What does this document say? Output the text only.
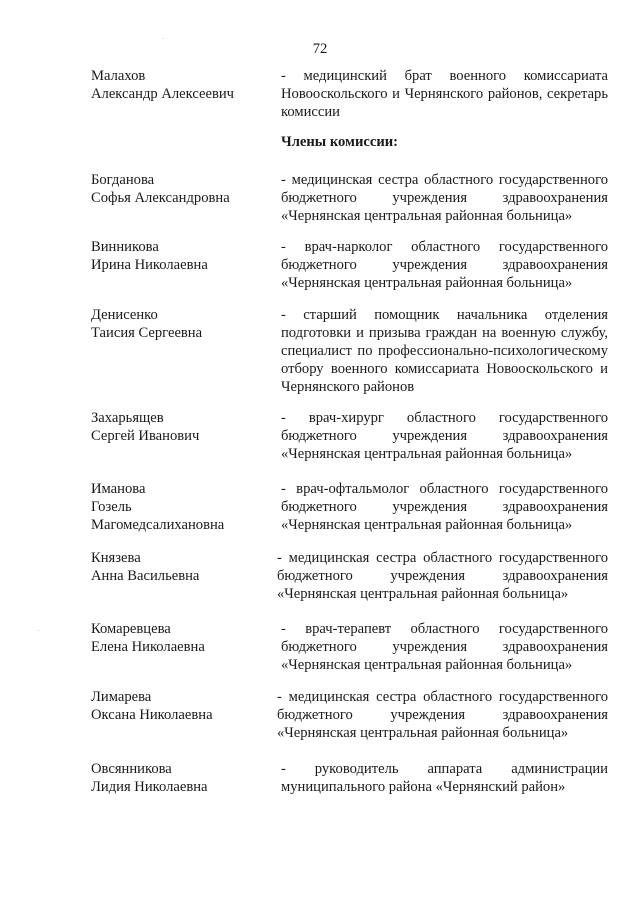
72
Малахов
Александр Алексеевич
- медицинский брат военного комиссариата Новооскольского и Чернянского районов, секретарь комиссии
Члены комиссии:
Богданова
Софья Александровна
- медицинская сестра областного государственного бюджетного учреждения здравоохранения «Чернянская центральная районная больница»
Винникова
Ирина Николаевна
- врач-нарколог областного государственного бюджетного учреждения здравоохранения «Чернянская центральная районная больница»
Денисенко
Таисия Сергеевна
- старший помощник начальника отделения подготовки и призыва граждан на военную службу, специалист по профессионально-психологическому отбору военного комиссариата Новооскольского и Чернянского районов
Захарьящев
Сергей Иванович
- врач-хирург областного государственного бюджетного учреждения здравоохранения «Чернянская центральная районная больница»
Иманова
Гозель
Магомедсалихановна
- врач-офтальмолог областного государственного бюджетного учреждения здравоохранения «Чернянская центральная районная больница»
Князева
Анна Васильевна
- медицинская сестра областного государственного бюджетного учреждения здравоохранения «Чернянская центральная районная больница»
Комаревцева
Елена Николаевна
- врач-терапевт областного государственного бюджетного учреждения здравоохранения «Чернянская центральная районная больница»
Лимарева
Оксана Николаевна
- медицинская сестра областного государственного бюджетного учреждения здравоохранения «Чернянская центральная районная больница»
Овсянникова
Лидия Николаевна
- руководитель аппарата администрации муниципального района «Чернянский район»
